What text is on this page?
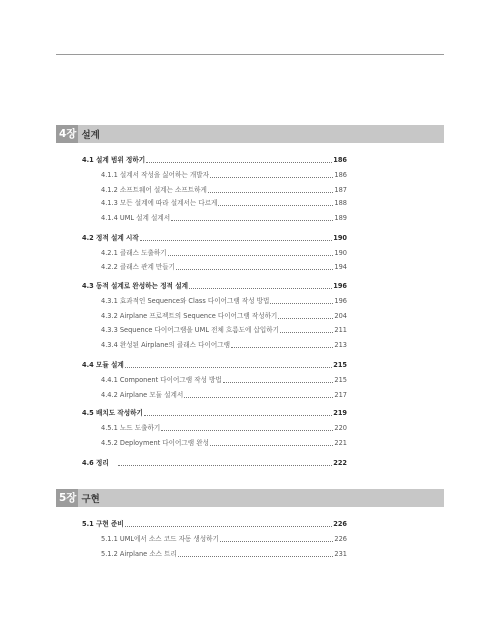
4장 설계
4.1 설계 범위 정하기	186
4.1.1 설계서 작성을 싫어하는 개발자	186
4.1.2 소프트웨어 설계는 소프트하게	187
4.1.3 모든 설계에 따라 설계서는 다르게	188
4.1.4 UML 설계 설계서	189
4.2 정적 설계 시작	190
4.2.1 클래스 도출하기	190
4.2.2 클래스 관계 만들기	194
4.3 동적 설계로 완성하는 정적 설계	196
4.3.1 효과적인 Sequence와 Class 다이어그램 작성 방법	196
4.3.2 Airplane 프로젝트의 Sequence 다이어그램 작성하기	204
4.3.3 Sequence 다이어그램을 UML 전체 흐름도에 삽입하기	211
4.3.4 완성된 Airplane의 클래스 다이어그램	213
4.4 모듈 설계	215
4.4.1 Component 다이어그램 작성 방법	215
4.4.2 Airplane 모듈 설계서	217
4.5 배치도 작성하기	219
4.5.1 노드 도출하기	220
4.5.2 Deployment 다이어그램 완성	221
4.6 정리	222
5장 구현
5.1 구현 준비	226
5.1.1 UML에서 소스 코드 자동 생성하기	226
5.1.2 Airplane 소스 트리	231
